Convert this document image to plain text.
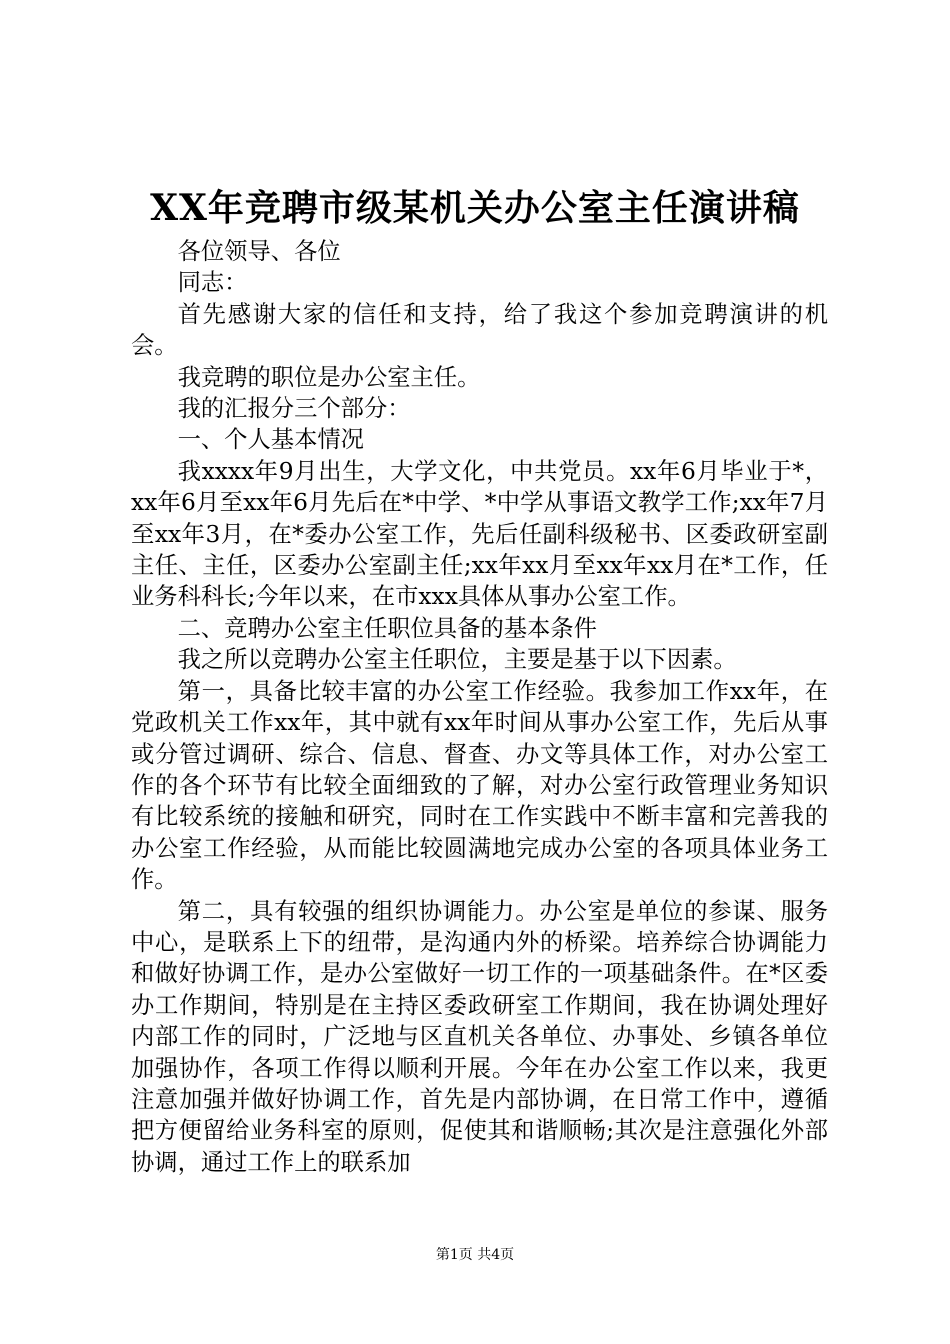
XX年竞聘市级某机关办公室主任演讲稿

各位领导、各位

同志：

首先感谢大家的信任和支持，给了我这个参加竞聘演讲的机会。

我竞聘的职位是办公室主任。

我的汇报分三个部分：

一、个人基本情况

我xxxx年9月出生，大学文化，中共党员。xx年6月毕业于*，xx年6月至xx年6月先后在*中学、*中学从事语文教学工作;xx年7月至xx年3月，在*委办公室工作，先后任副科级秘书、区委政研室副主任、主任，区委办公室副主任;xx年xx月至xx年xx月在*工作，任业务科科长;今年以来，在市xxx具体从事办公室工作。

二、竞聘办公室主任职位具备的基本条件

我之所以竞聘办公室主任职位，主要是基于以下因素。

第一，具备比较丰富的办公室工作经验。我参加工作xx年，在党政机关工作xx年，其中就有xx年时间从事办公室工作，先后从事或分管过调研、综合、信息、督查、办文等具体工作，对办公室工作的各个环节有比较全面细致的了解，对办公室行政管理业务知识有比较系统的接触和研究，同时在工作实践中不断丰富和完善我的办公室工作经验，从而能比较圆满地完成办公室的各项具体业务工作。

第二，具有较强的组织协调能力。办公室是单位的参谋、服务中心，是联系上下的纽带，是沟通内外的桥梁。培养综合协调能力和做好协调工作，是办公室做好一切工作的一项基础条件。在*区委办工作期间，特别是在主持区委政研室工作期间，我在协调处理好内部工作的同时，广泛地与区直机关各单位、办事处、乡镇各单位加强协作，各项工作得以顺利开展。今年在办公室工作以来，我更注意加强并做好协调工作，首先是内部协调，在日常工作中，遵循把方便留给业务科室的原则，促使其和谐顺畅;其次是注意强化外部协调，通过工作上的联系加

第1页 共4页
